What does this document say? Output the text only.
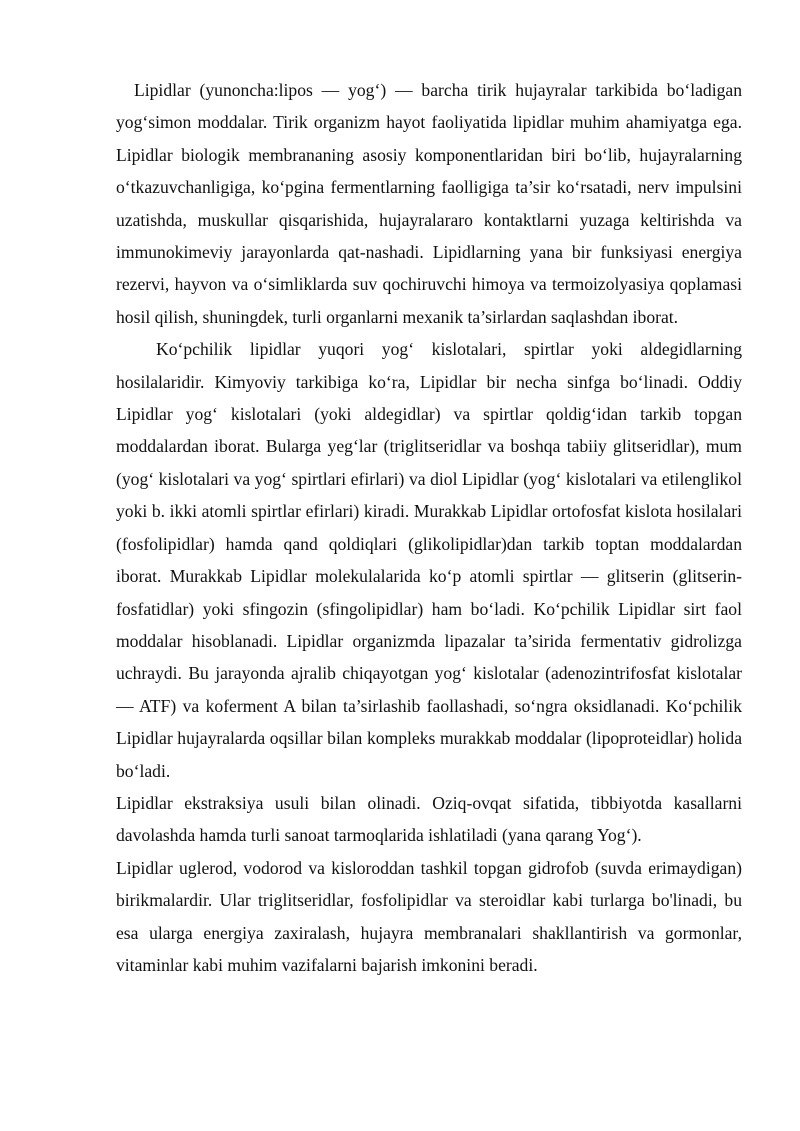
Lipidlar (yunoncha:lipos — yog‘) — barcha tirik hujayralar tarkibida bo‘ladigan yog‘simon moddalar. Tirik organizm hayot faoliyatida lipidlar muhim ahamiyatga ega. Lipidlar biologik membrananing asosiy komponentlaridan biri bo‘lib, hujayralarning o‘tkazuvchanligiga, ko‘pgina fermentlarning faolligiga ta’sir ko‘rsatadi, nerv impulsini uzatishda, muskullar qisqarishida, hujayralararo kontaktlarni yuzaga keltirishda va immunokimeviy jarayonlarda qat-nashadi. Lipidlarning yana bir funksiyasi energiya rezervi, hayvon va o‘simliklarda suv qochiruvchi himoya va termoizolyasiya qoplamasi hosil qilish, shuningdek, turli organlarni mexanik ta’sirlardan saqlashdan iborat.

Ko‘pchilik lipidlar yuqori yog‘ kislotalari, spirtlar yoki aldegidlarning hosilalaridir. Kimyoviy tarkibiga ko‘ra, Lipidlar bir necha sinfga bo‘linadi. Oddiy Lipidlar yog‘ kislotalari (yoki aldegidlar) va spirtlar qoldig‘idan tarkib topgan moddalardan iborat. Bularga yeg‘lar (triglitseridlar va boshqa tabiiy glitseridlar), mum (yog‘ kislotalari va yog‘ spirtlari efirlari) va diol Lipidlar (yog‘ kislotalari va etilenglikol yoki b. ikki atomli spirtlar efirlari) kiradi. Murakkab Lipidlar ortofosfat kislota hosilalari (fosfolipidlar) hamda qand qoldiqlari (glikolipidlar)dan tarkib toptan moddalardan iborat. Murakkab Lipidlar molekulalarida ko‘p atomli spirtlar — glitserin (glitserin-fosfatidlar) yoki sfingozin (sfingolipidlar) ham bo‘ladi. Ko‘pchilik Lipidlar sirt faol moddalar hisoblanadi. Lipidlar organizmda lipazalar ta’sirida fermentativ gidrolizga uchraydi. Bu jarayonda ajralib chiqayotgan yog‘ kislotalar (adenozintrifosfat kislotalar — ATF) va koferment A bilan ta’sirlashib faollashadi, so‘ngra oksidlanadi. Ko‘pchilik Lipidlar hujayralarda oqsillar bilan kompleks murakkab moddalar (lipoproteidlar) holida bo‘ladi.

Lipidlar ekstraksiya usuli bilan olinadi. Oziq-ovqat sifatida, tibbiyotda kasallarni davolashda hamda turli sanoat tarmoqlarida ishlatiladi (yana qarang Yog‘).

Lipidlar uglerod, vodorod va kisloroddan tashkil topgan gidrofob (suvda erimaydigan) birikmalardir. Ular triglitseridlar, fosfolipidlar va steroidlar kabi turlarga bo'linadi, bu esa ularga energiya zaxiralash, hujayra membranalari shakllantirish va gormonlar, vitaminlar kabi muhim vazifalarni bajarish imkonini beradi.
